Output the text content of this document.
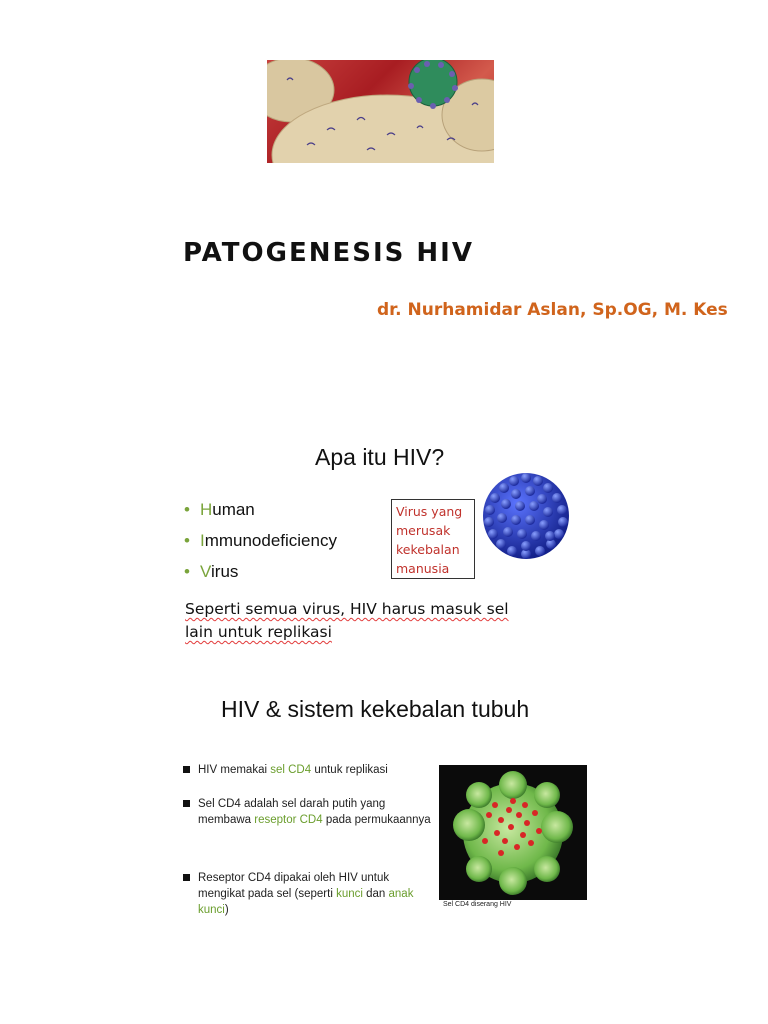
PATOGENESIS HIV
dr. Nurhamidar Aslan, Sp.OG, M. Kes
Apa itu HIV?
• Human
• Immunodeficiency
• Virus
Virus yang
merusak
kekebalan
manusia
Seperti semua virus, HIV harus masuk sel
lain untuk replikasi
HIV & sistem kekebalan tubuh
HIV memakai sel CD4 untuk replikasi
Sel CD4 adalah sel darah putih yang membawa reseptor CD4 pada permukaannya
Reseptor CD4 dipakai oleh HIV untuk mengikat pada sel (seperti kunci dan anak kunci)	Sel CD4 diserang HIV
